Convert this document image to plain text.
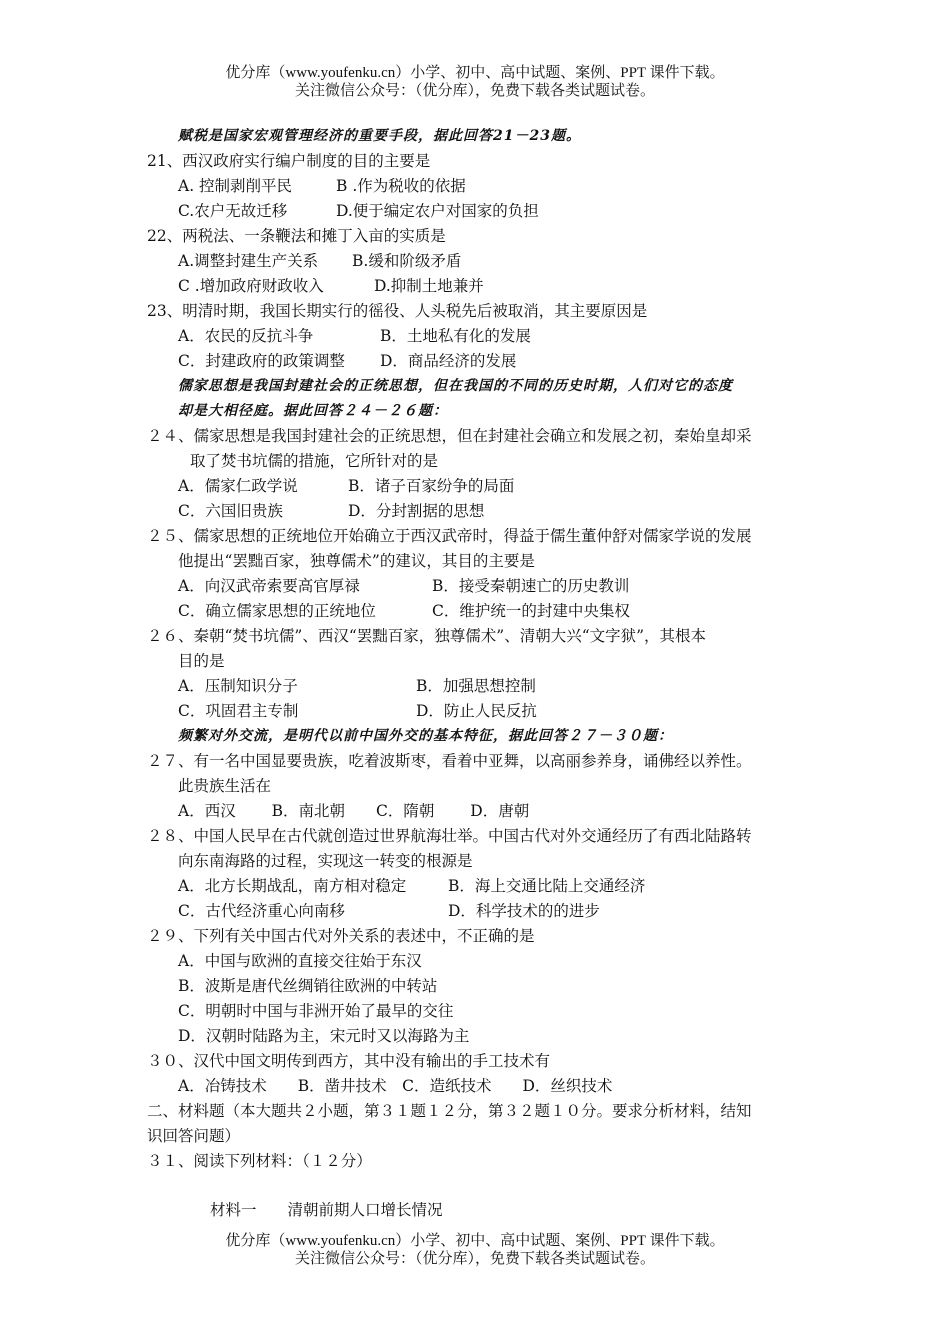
优分库（www.youfenku.cn）小学、初中、高中试题、案例、PPT 课件下载。
关注微信公众号：（优分库），免费下载各类试题试卷。
赋税是国家宏观管理经济的重要手段，据此回答21－23题。
21、西汉政府实行编户制度的目的主要是
A. 控制剥削平民	B .作为税收的依据
C.农户无故迁移	D.便于编定农户对国家的负担
22、两税法、一条鞭法和摊丁入亩的实质是
A.调整封建生产关系 B.缓和阶级矛盾
C .增加政府财政收入	D.抑制土地兼并
23、明清时期，我国长期实行的徭役、人头税先后被取消，其主要原因是
A．农民的反抗斗争	B．土地私有化的发展
C．封建政府的政策调整 D．商品经济的发展
儒家思想是我国封建社会的正统思想，但在我国的不同的历史时期，人们对它的态度
却是大相径庭。据此回答２４－２６题：
２４、儒家思想是我国封建社会的正统思想，但在封建社会确立和发展之初，秦始皇却采
取了焚书坑儒的措施，它所针对的是
A．儒家仁政学说	B．诸子百家纷争的局面
C．六国旧贵族	D．分封割据的思想
２５、儒家思想的正统地位开始确立于西汉武帝时，得益于儒生董仲舒对儒家学说的发展
他提出“罢黜百家，独尊儒术”的建议，其目的主要是
A．向汉武帝索要高官厚禄	B．接受秦朝速亡的历史教训
C．确立儒家思想的正统地位	C．维护统一的封建中央集权
２６、秦朝“焚书坑儒”、西汉“罢黜百家，独尊儒术”、清朝大兴“文字狱”，其根本
目的是
A．压制知识分子	B．加强思想控制
C．巩固君主专制	D．防止人民反抗
频繁对外交流，是明代以前中国外交的基本特征，据此回答２７－３０题：
２７、有一名中国显要贵族，吃着波斯枣，看着中亚舞，以高丽参养身，诵佛经以养性。
此贵族生活在
A．西汉　　 B．南北朝　　C．隋朝　　 D．唐朝
２８、中国人民早在古代就创造过世界航海壮举。中国古代对外交通经历了有西北陆路转
向东南海路的过程，实现这一转变的根源是
A．北方长期战乱，南方相对稳定	B．海上交通比陆上交通经济
C．古代经济重心向南移	D．科学技术的的进步
２９、下列有关中国古代对外关系的表述中，不正确的是
A．中国与欧洲的直接交往始于东汉
B．波斯是唐代丝绸销往欧洲的中转站
C．明朝时中国与非洲开始了最早的交往
D．汉朝时陆路为主，宋元时又以海路为主
３０、汉代中国文明传到西方，其中没有输出的手工技术有
A．冶铸技术　　B．凿井技术　C．造纸技术　　D．丝织技术
二、材料题（本大题共２小题，第３１题１２分，第３２题１０分。要求分析材料，结知
识回答问题）
３１、阅读下列材料：（１２分）
材料一　　清朝前期人口增长情况
优分库（www.youfenku.cn）小学、初中、高中试题、案例、PPT 课件下载。
关注微信公众号：（优分库），免费下载各类试题试卷。
